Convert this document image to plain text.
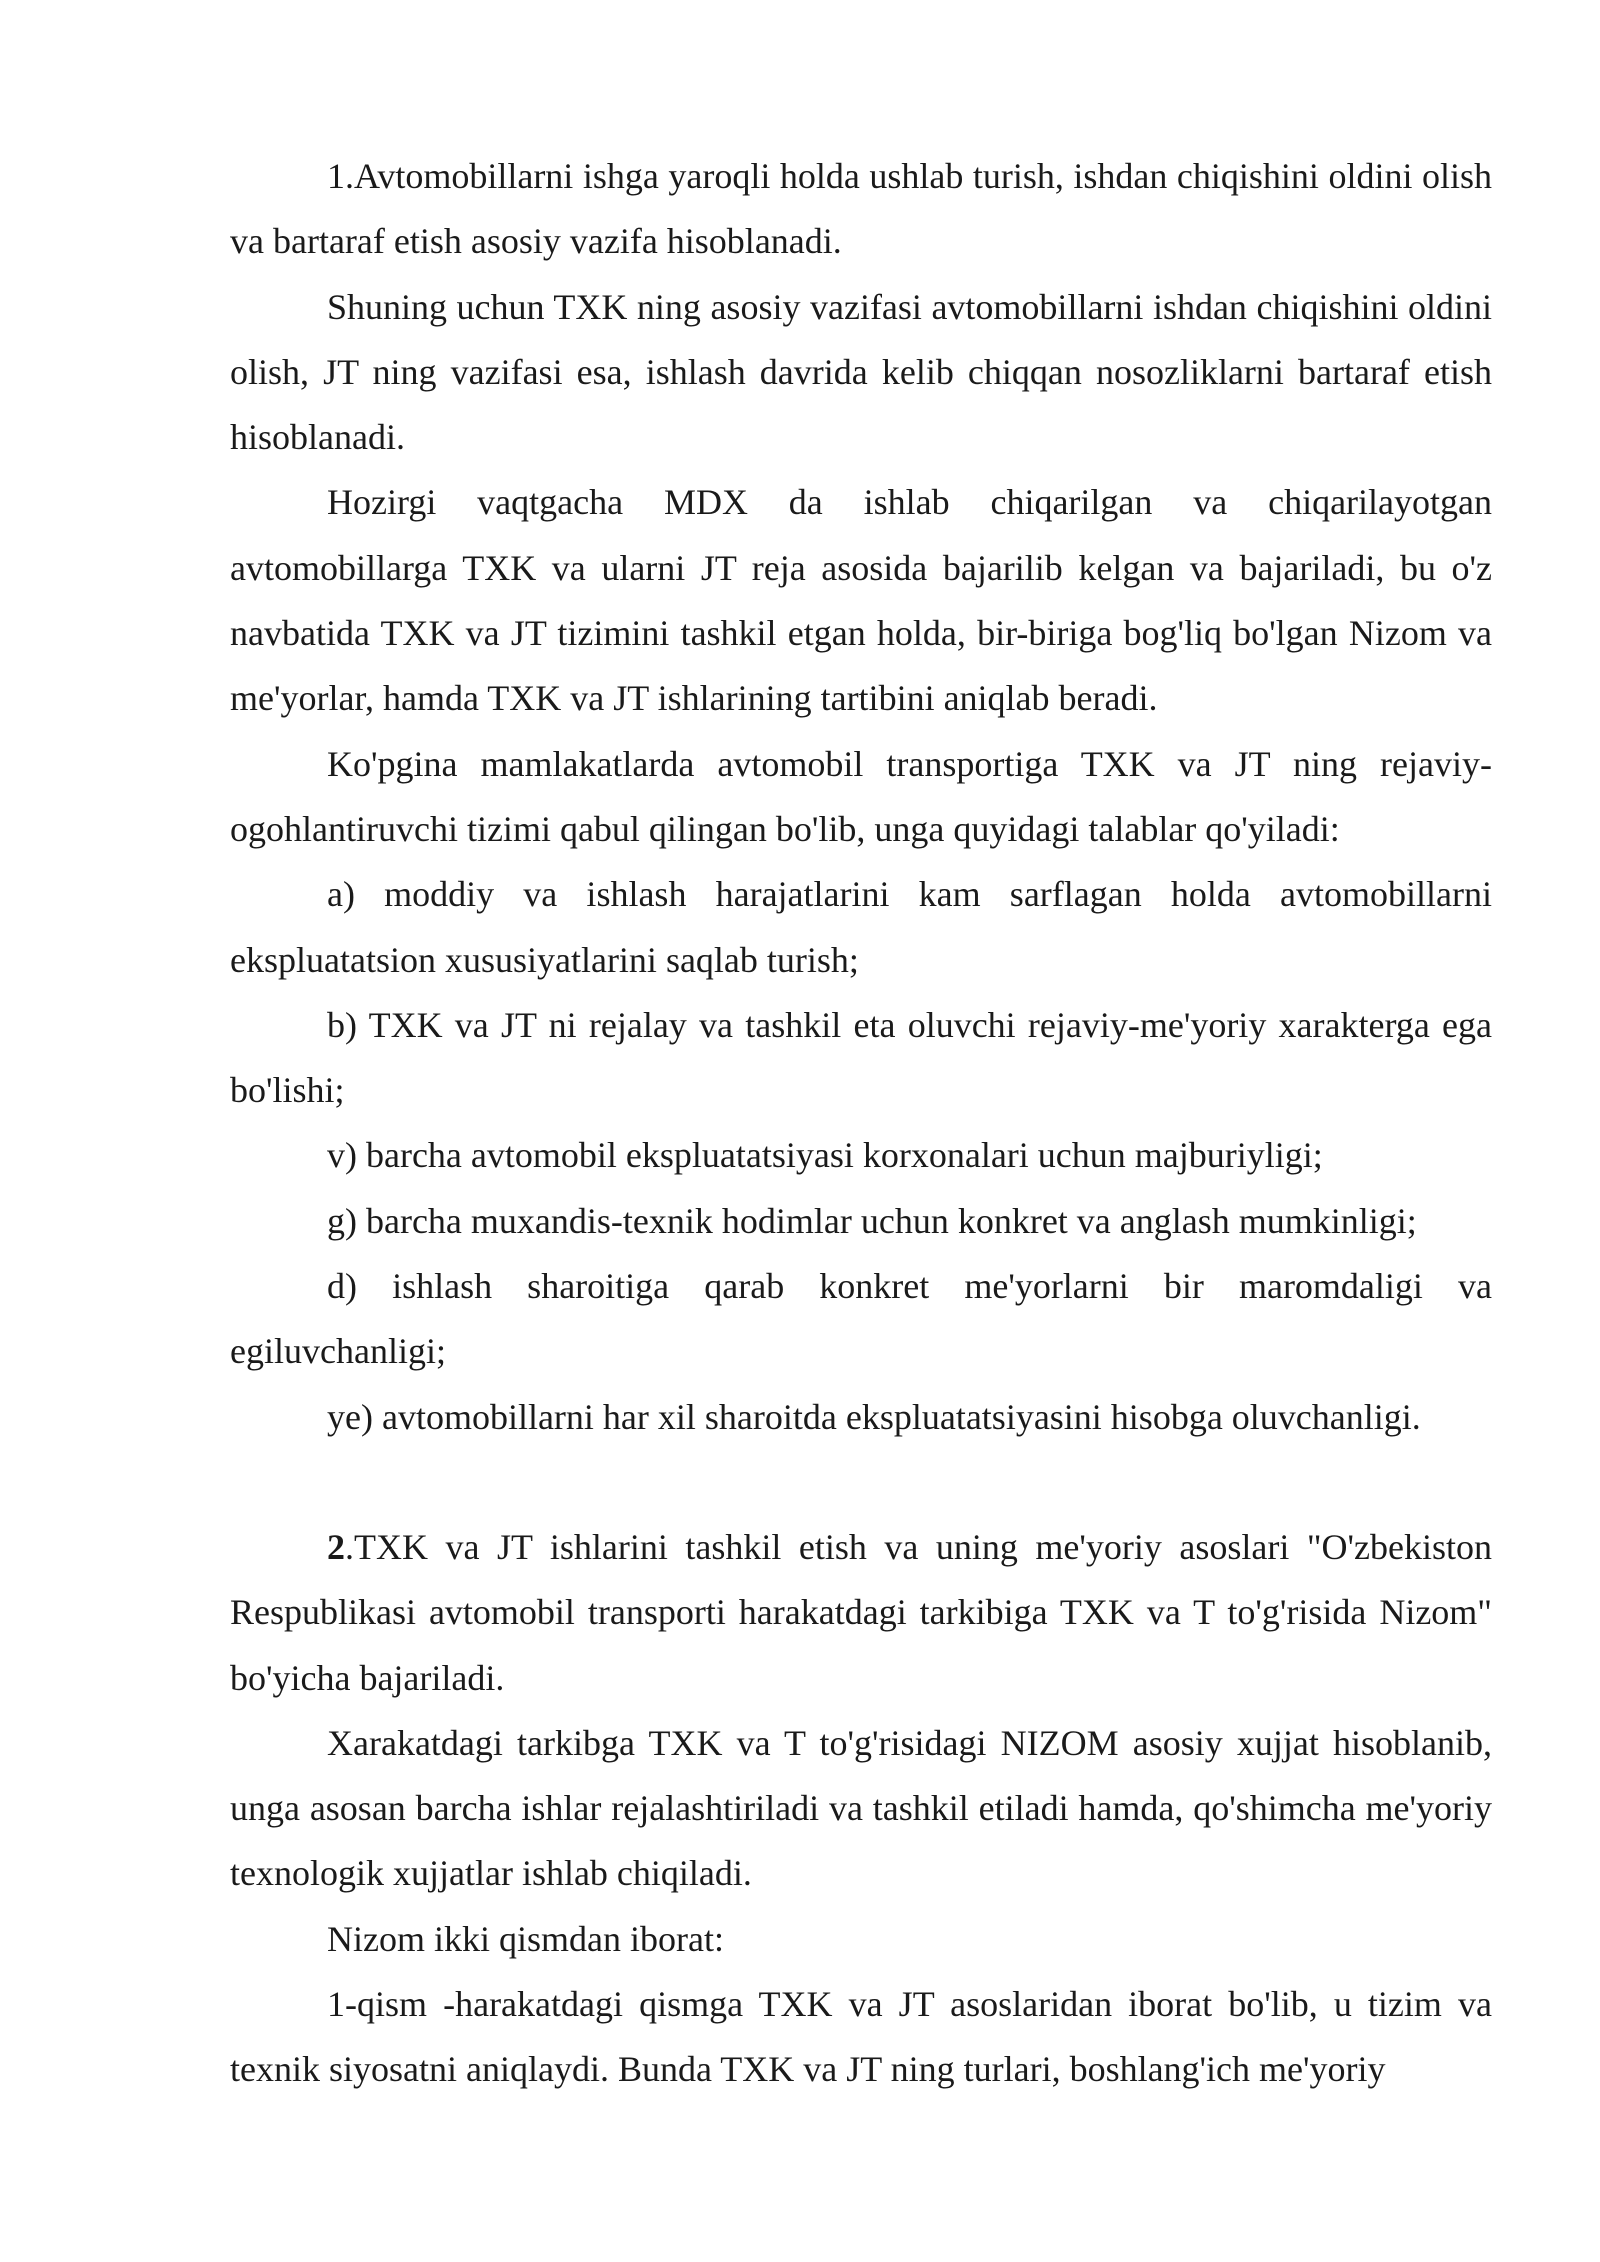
1.Avtomobillarni ishga yaroqli holda ushlab turish, ishdan chiqishini oldini olish va bartaraf etish asosiy vazifa hisoblanadi.

Shuning uchun TXK ning asosiy vazifasi avtomobillarni ishdan chiqishini oldini olish, JT ning vazifasi esa, ishlash davrida kelib chiqqan nosozliklarni bartaraf etish hisoblanadi.

Hozirgi vaqtgacha MDX da ishlab chiqarilgan va chiqarilayotgan avtomobillarga TXK va ularni JT reja asosida bajarilib kelgan va bajariladi, bu o'z navbatida TXK va JT tizimini tashkil etgan holda, bir-biriga bog'liq bo'lgan Nizom va me'yorlar, hamda TXK va JT ishlarining tartibini aniqlab beradi.

Ko'pgina mamlakatlarda avtomobil transportiga TXK va JT ning rejaviy-ogohlantiruvchi tizimi qabul qilingan bo'lib, unga quyidagi talablar qo'yiladi:

a) moddiy va ishlash harajatlarini kam sarflagan holda avtomobillarni ekspluatatsion xususiyatlarini saqlab turish;

b) TXK va JT ni rejalay va tashkil eta oluvchi rejaviy-me'yoriy xarakterga ega bo'lishi;

v) barcha avtomobil ekspluatatsiyasi korxonalari uchun majburiyligi;

g) barcha muxandis-texnik hodimlar uchun konkret va anglash mumkinligi;

d) ishlash sharoitiga qarab konkret me'yorlarni bir maromdaligi va egiluvchanligi;

ye) avtomobillarni har xil sharoitda ekspluatatsiyasini hisobga oluvchanligi.

2.TXK va JT ishlarini tashkil etish va uning me'yoriy asoslari "O'zbekiston Respublikasi avtomobil transporti harakatdagi tarkibiga TXK va T to'g'risida Nizom" bo'yicha bajariladi.

Xarakatdagi tarkibga TXK va T to'g'risidagi NIZOM asosiy xujjat hisoblanib, unga asosan barcha ishlar rejalashtiriladi va tashkil etiladi hamda, qo'shimcha me'yoriy texnologik xujjatlar ishlab chiqiladi.

Nizom ikki qismdan iborat:

1-qism -harakatdagi qismga TXK va JT asoslaridan iborat bo'lib, u tizim va texnik siyosatni aniqlaydi. Bunda TXK va JT ning turlari, boshlang'ich me'yoriy
